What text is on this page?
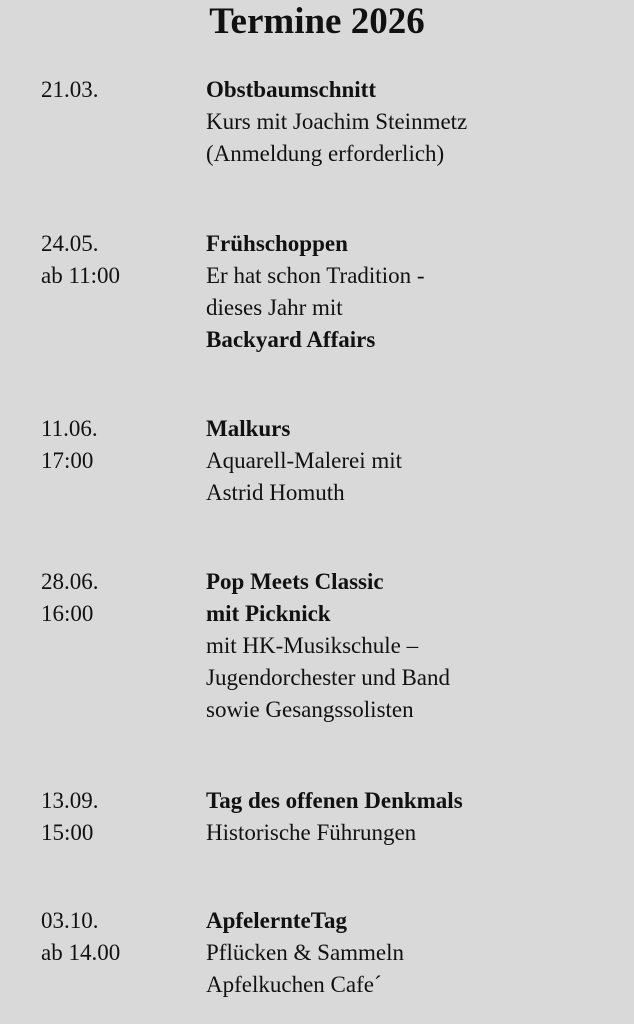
Termine 2026
21.03.	Obstbaumschnitt
Kurs mit Joachim Steinmetz
(Anmeldung erforderlich)
24.05.
ab 11:00
Frühschoppen
Er hat schon Tradition -
dieses Jahr mit
Backyard Affairs
11.06.
17:00
Malkurs
Aquarell-Malerei mit
Astrid Homuth
28.06.
16:00
Pop Meets Classic
mit Picknick
mit HK-Musikschule –
Jugendorchester und Band
sowie Gesangssolisten
13.09.
15:00
Tag des offenen Denkmals
Historische Führungen
03.10.
ab 14.00
ApfelernteTag
Pflücken & Sammeln
Apfelkuchen Cafe´
